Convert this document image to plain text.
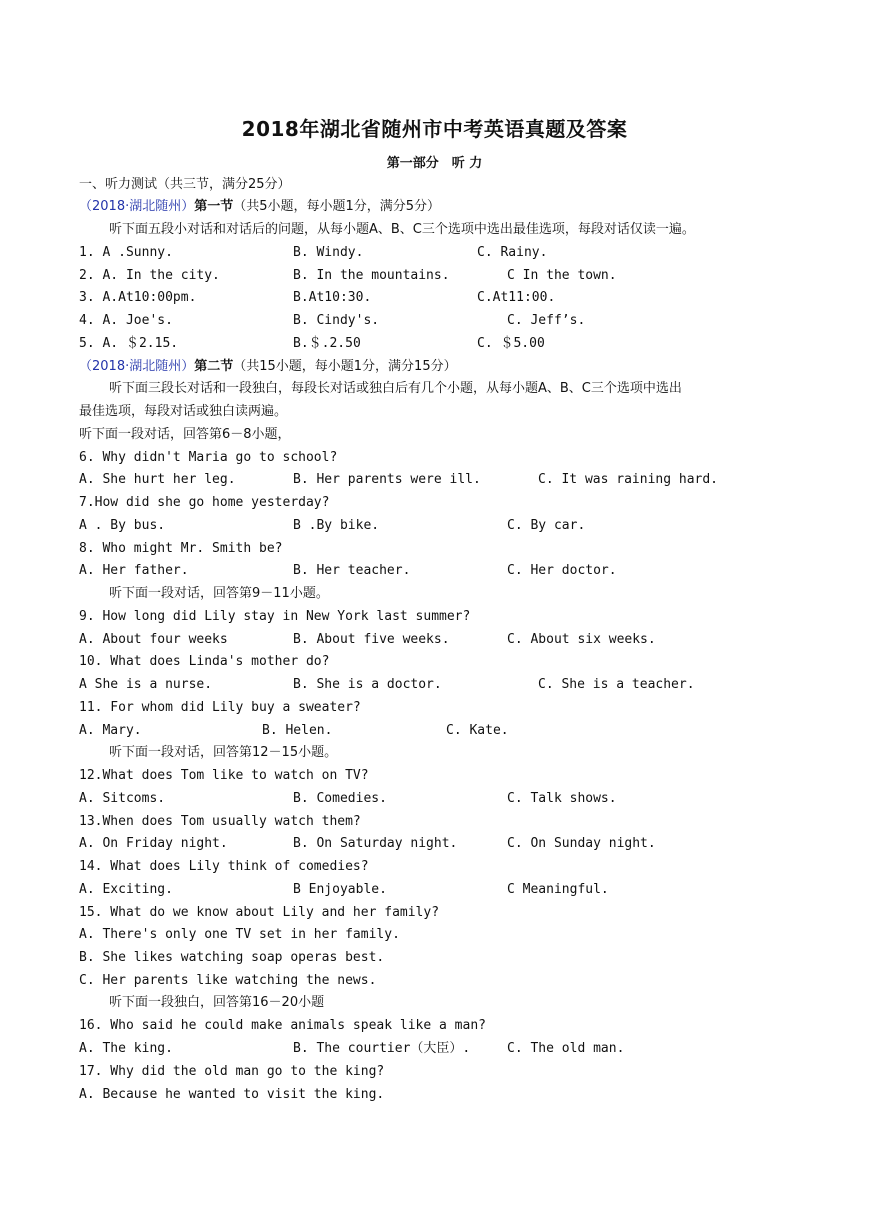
2018年湖北省随州市中考英语真题及答案
第一部分　听 力
一、听力测试（共三节，满分25分）
（2018·湖北随州）第一节（共5小题，每小题1分，满分5分）
听下面五段小对话和对话后的问题，从每小题A、B、C三个选项中选出最佳选项，每段对话仅读一遍。
1. A .Sunny.	B. Windy.	C. Rainy.
2. A. In the city.	B. In the mountains.	C In the town.
3. A.At10:00pm.	B.At10:30.	C.At11:00.
4. A. Joe's.	B. Cindy's.	C. Jeff’s.
5. A. ＄2.15.	B.＄.2.50	C. ＄5.00
（2018·湖北随州）第二节（共15小题，每小题1分，满分15分）
听下面三段长对话和一段独白，每段长对话或独白后有几个小题，从每小题A、B、C三个选项中选出
最佳选项，每段对话或独白读两遍。
听下面一段对话，回答第6－8小题，
6. Why didn't Maria go to school?
A. She hurt her leg.	B. Her parents were ill.	C. It was raining hard.
7.How did she go home yesterday?
A . By bus.	B .By bike.	C. By car.
8. Who might Mr. Smith be?
A. Her father.	B. Her teacher.	C. Her doctor.
听下面一段对话，回答第9－11小题。
9. How long did Lily stay in New York last summer?
A. About four weeks	B. About five weeks.	C. About six weeks.
10. What does Linda's mother do?
A She is a nurse.	B. She is a doctor.	C. She is a teacher.
11. For whom did Lily buy a sweater?
A. Mary.	B. Helen.	C. Kate.
听下面一段对话，回答第12－15小题。
12.What does Tom like to watch on TV?
A. Sitcoms.	B. Comedies.	C. Talk shows.
13.When does Tom usually watch them?
A. On Friday night.	B. On Saturday night.	C. On Sunday night.
14. What does Lily think of comedies?
A. Exciting.	B Enjoyable.	C Meaningful.
15. What do we know about Lily and her family?
A. There's only one TV set in her family.
B. She likes watching soap operas best.
C. Her parents like watching the news.
听下面一段独白，回答第16－20小题
16. Who said he could make animals speak like a man?
A. The king.	B. The courtier（大臣）.	C. The old man.
17. Why did the old man go to the king?
A. Because he wanted to visit the king.
